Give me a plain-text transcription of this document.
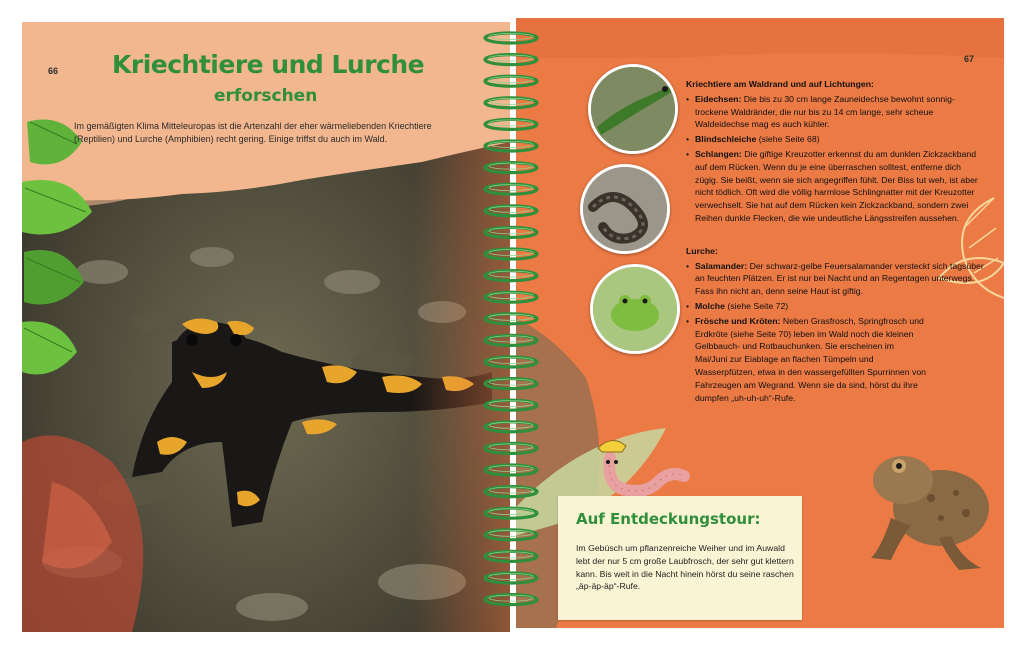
66 Kriechtiere und Lurche
erforschen
Im gemäßigten Klima Mitteleuropas ist die Artenzahl der eher wärmeliebenden Kriechtiere (Reptilien) und Lurche (Amphibien) recht gering. Einige triffst du auch im Wald.
67
Kriechtiere am Waldrand und auf Lichtungen:
• Eidechsen: Die bis zu 30 cm lange Zauneidechse bewohnt sonnig-trockene Waldränder, die nur bis zu 14 cm lange, sehr scheue Waldeidechse mag es auch kühler.
• Blindschleiche (siehe Seite 68)
• Schlangen: Die giftige Kreuzotter erkennst du am dunklen Zickzackband auf dem Rücken. Wenn du je eine überraschen solltest, entferne dich zügig. Sie beißt, wenn sie sich angegriffen fühlt. Der Biss tut weh, ist aber nicht tödlich. Oft wird die völlig harmlose Schlingnatter mit der Kreuzotter verwechselt. Sie hat auf dem Rücken kein Zickzackband, sondern zwei Reihen dunkle Flecken, die wie undeutliche Längsstreifen aussehen.
Lurche:
• Salamander: Der schwarz-gelbe Feuersalamander versteckt sich tagsüber an feuchten Plätzen. Er ist nur bei Nacht und an Regentagen unterwegs. Fass ihn nicht an, denn seine Haut ist giftig.
• Molche (siehe Seite 72)
• Frösche und Kröten: Neben Grasfrosch, Springfrosch und Erdkröte (siehe Seite 70) leben im Wald noch die kleinen Gelbbauch- und Rotbauchunken. Sie erscheinen im Mai/Juni zur Eiablage an flachen Tümpeln und Wasserpfützen, etwa in den wassergefüllten Spurrinnen von Fahrzeugen am Wegrand. Wenn sie da sind, hörst du ihre dumpfen „uh-uh-uh“-Rufe.
Auf Entdeckungstour:
Im Gebüsch um pflanzenreiche Weiher und im Auwald lebt der nur 5 cm große Laubfrosch, der sehr gut klettern kann. Bis weit in die Nacht hinein hörst du seine raschen „äp-äp-äp“-Rufe.
